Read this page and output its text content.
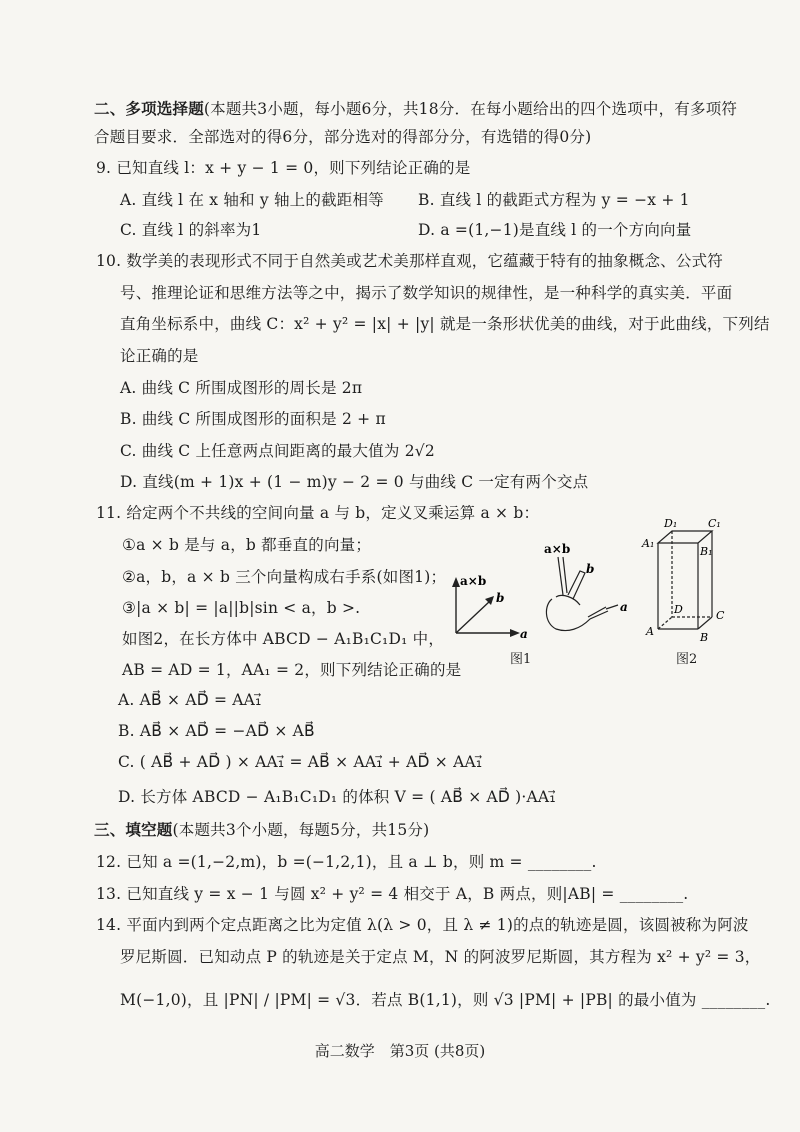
二、多项选择题(本题共3小题，每小题6分，共18分．在每小题给出的四个选项中，有多项符
合题目要求．全部选对的得6分，部分选对的得部分分，有选错的得0分)
9. 已知直线 l：x + y − 1 = 0，则下列结论正确的是
A. 直线 l 在 x 轴和 y 轴上的截距相等 B. 直线 l 的截距式方程为 y = −x + 1
C. 直线 l 的斜率为1	D. a =(1,−1)是直线 l 的一个方向向量
10. 数学美的表现形式不同于自然美或艺术美那样直观，它蕴藏于特有的抽象概念、公式符
号、推理论证和思维方法等之中，揭示了数学知识的规律性，是一种科学的真实美．平面
直角坐标系中，曲线 C：x² + y² = |x| + |y| 就是一条形状优美的曲线，对于此曲线，下列结
论正确的是
A. 曲线 C 所围成图形的周长是 2π
B. 曲线 C 所围成图形的面积是 2 + π
C. 曲线 C 上任意两点间距离的最大值为 2√2
D. 直线(m + 1)x + (1 − m)y − 2 = 0 与曲线 C 一定有两个交点
11. 给定两个不共线的空间向量 a 与 b，定义叉乘运算 a × b：
①a × b 是与 a，b 都垂直的向量；
②a，b，a × b 三个向量构成右手系(如图1)；
③|a × b| = |a||b|sin < a，b >.
如图2，在长方体中 ABCD − A₁B₁C₁D₁ 中，
AB = AD = 1，AA₁ = 2，则下列结论正确的是
A. AB⃗ × AD⃗ = AA₁⃗
B. AB⃗ × AD⃗ = −AD⃗ × AB⃗
C. ( AB⃗ + AD⃗ ) × AA₁⃗ = AB⃗ × AA₁⃗ + AD⃗ × AA₁⃗
D. 长方体 ABCD − A₁B₁C₁D₁ 的体积 V = ( AB⃗ × AD⃗ )·AA₁⃗
a×b
b
a
a×b
b
a
图1
D₁	C₁
A₁
B₁
D	C
A	B
图2
三、填空题(本题共3个小题，每题5分，共15分)
12. 已知 a =(1,−2,m)，b =(−1,2,1)，且 a ⊥ b，则 m = ________.
13. 已知直线 y = x − 1 与圆 x² + y² = 4 相交于 A，B 两点，则|AB| = ________.
14. 平面内到两个定点距离之比为定值 λ(λ > 0，且 λ ≠ 1)的点的轨迹是圆，该圆被称为阿波
罗尼斯圆．已知动点 P 的轨迹是关于定点 M，N 的阿波罗尼斯圆，其方程为 x² + y² = 3，
M(−1,0)，且 |PN| / |PM| = √3．若点 B(1,1)，则 √3 |PM| + |PB| 的最小值为 ________.
高二数学　第3页 (共8页)
